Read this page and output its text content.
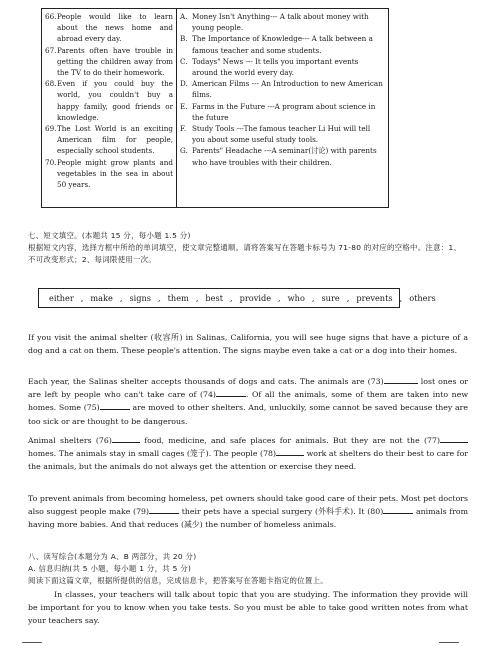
66. People would like to learn about the news home and abroad every day.
67. Parents often have trouble in getting the children away from the TV to do their homework.
68. Even if you could buy the world, you couldn't buy a happy family, good friends or knowledge.
69. The Lost World is an exciting American film for people, especially school students.
70. People might grow plants and vegetables in the sea in about 50 years.
A. Money Isn't Anything--- A talk about money with young people.
B. The Importance of Knowledge--- A talk between a famous teacher and some students.
C. Todays" News --- It tells you important events around the world every day.
D. American Films --- An Introduction to new American films.
E. Farms in the Future ---A program about science in the future
F. Study Tools ---The famous teacher Li Hui will tell you about some useful study tools.
G. Parents" Headache ---A seminar(讨论) with parents who have troubles with their children.
七、短文填空。(本题共 15 分，每小题 1.5 分)
根据短文内容，选择方框中所给的单词填空，使文章完整通顺。请将答案写在答题卡标号为 71-80 的对应的空格中。注意：1、不可改变形式；2、每词限使用一次。
either , make , signs , them , best , provide , who , sure , prevents , others
If you visit the animal shelter (收容所) in Salinas, California, you will see huge signs that have a picture of a dog and a cat on them. These people's attention. The signs maybe even take a cat or a dog into their homes.
Each year, the Salinas shelter accepts thousands of dogs and cats. The animals are (73)	lost ones or are left by people who can't take care of (74)	. Of all the animals, some of them are taken into new homes. Some (75)	are moved to other shelters. And, unluckily, some cannot be saved because they are too sick or are thought to be dangerous.
Animal shelters (76)	food, medicine, and safe places for animals. But they are not the (77) homes. The animals stay in small cages (笼子). The people (78)	work at shelters do their best to care for the animals, but the animals do not always get the attention or exercise they need.
To prevent animals from becoming homeless, pet owners should take good care of their pets. Most pet doctors also suggest people make (79)	their pets have a special surgery (外科手术). It (80)	animals from having more babies. And that reduces (减少) the number of homeless animals.
八、读写综合(本题分为 A、B 两部分，共 20 分)
A. 信息归纳(共 5 小题，每小题 1 分，共 5 分)
阅读下面这篇文章，根据所提供的信息，完成信息卡，把答案写在答题卡指定的位置上。
In classes, your teachers will talk about topic that you are studying. The information they provide will be important for you to know when you take tests. So you must be able to take good written notes from what your teachers say.
